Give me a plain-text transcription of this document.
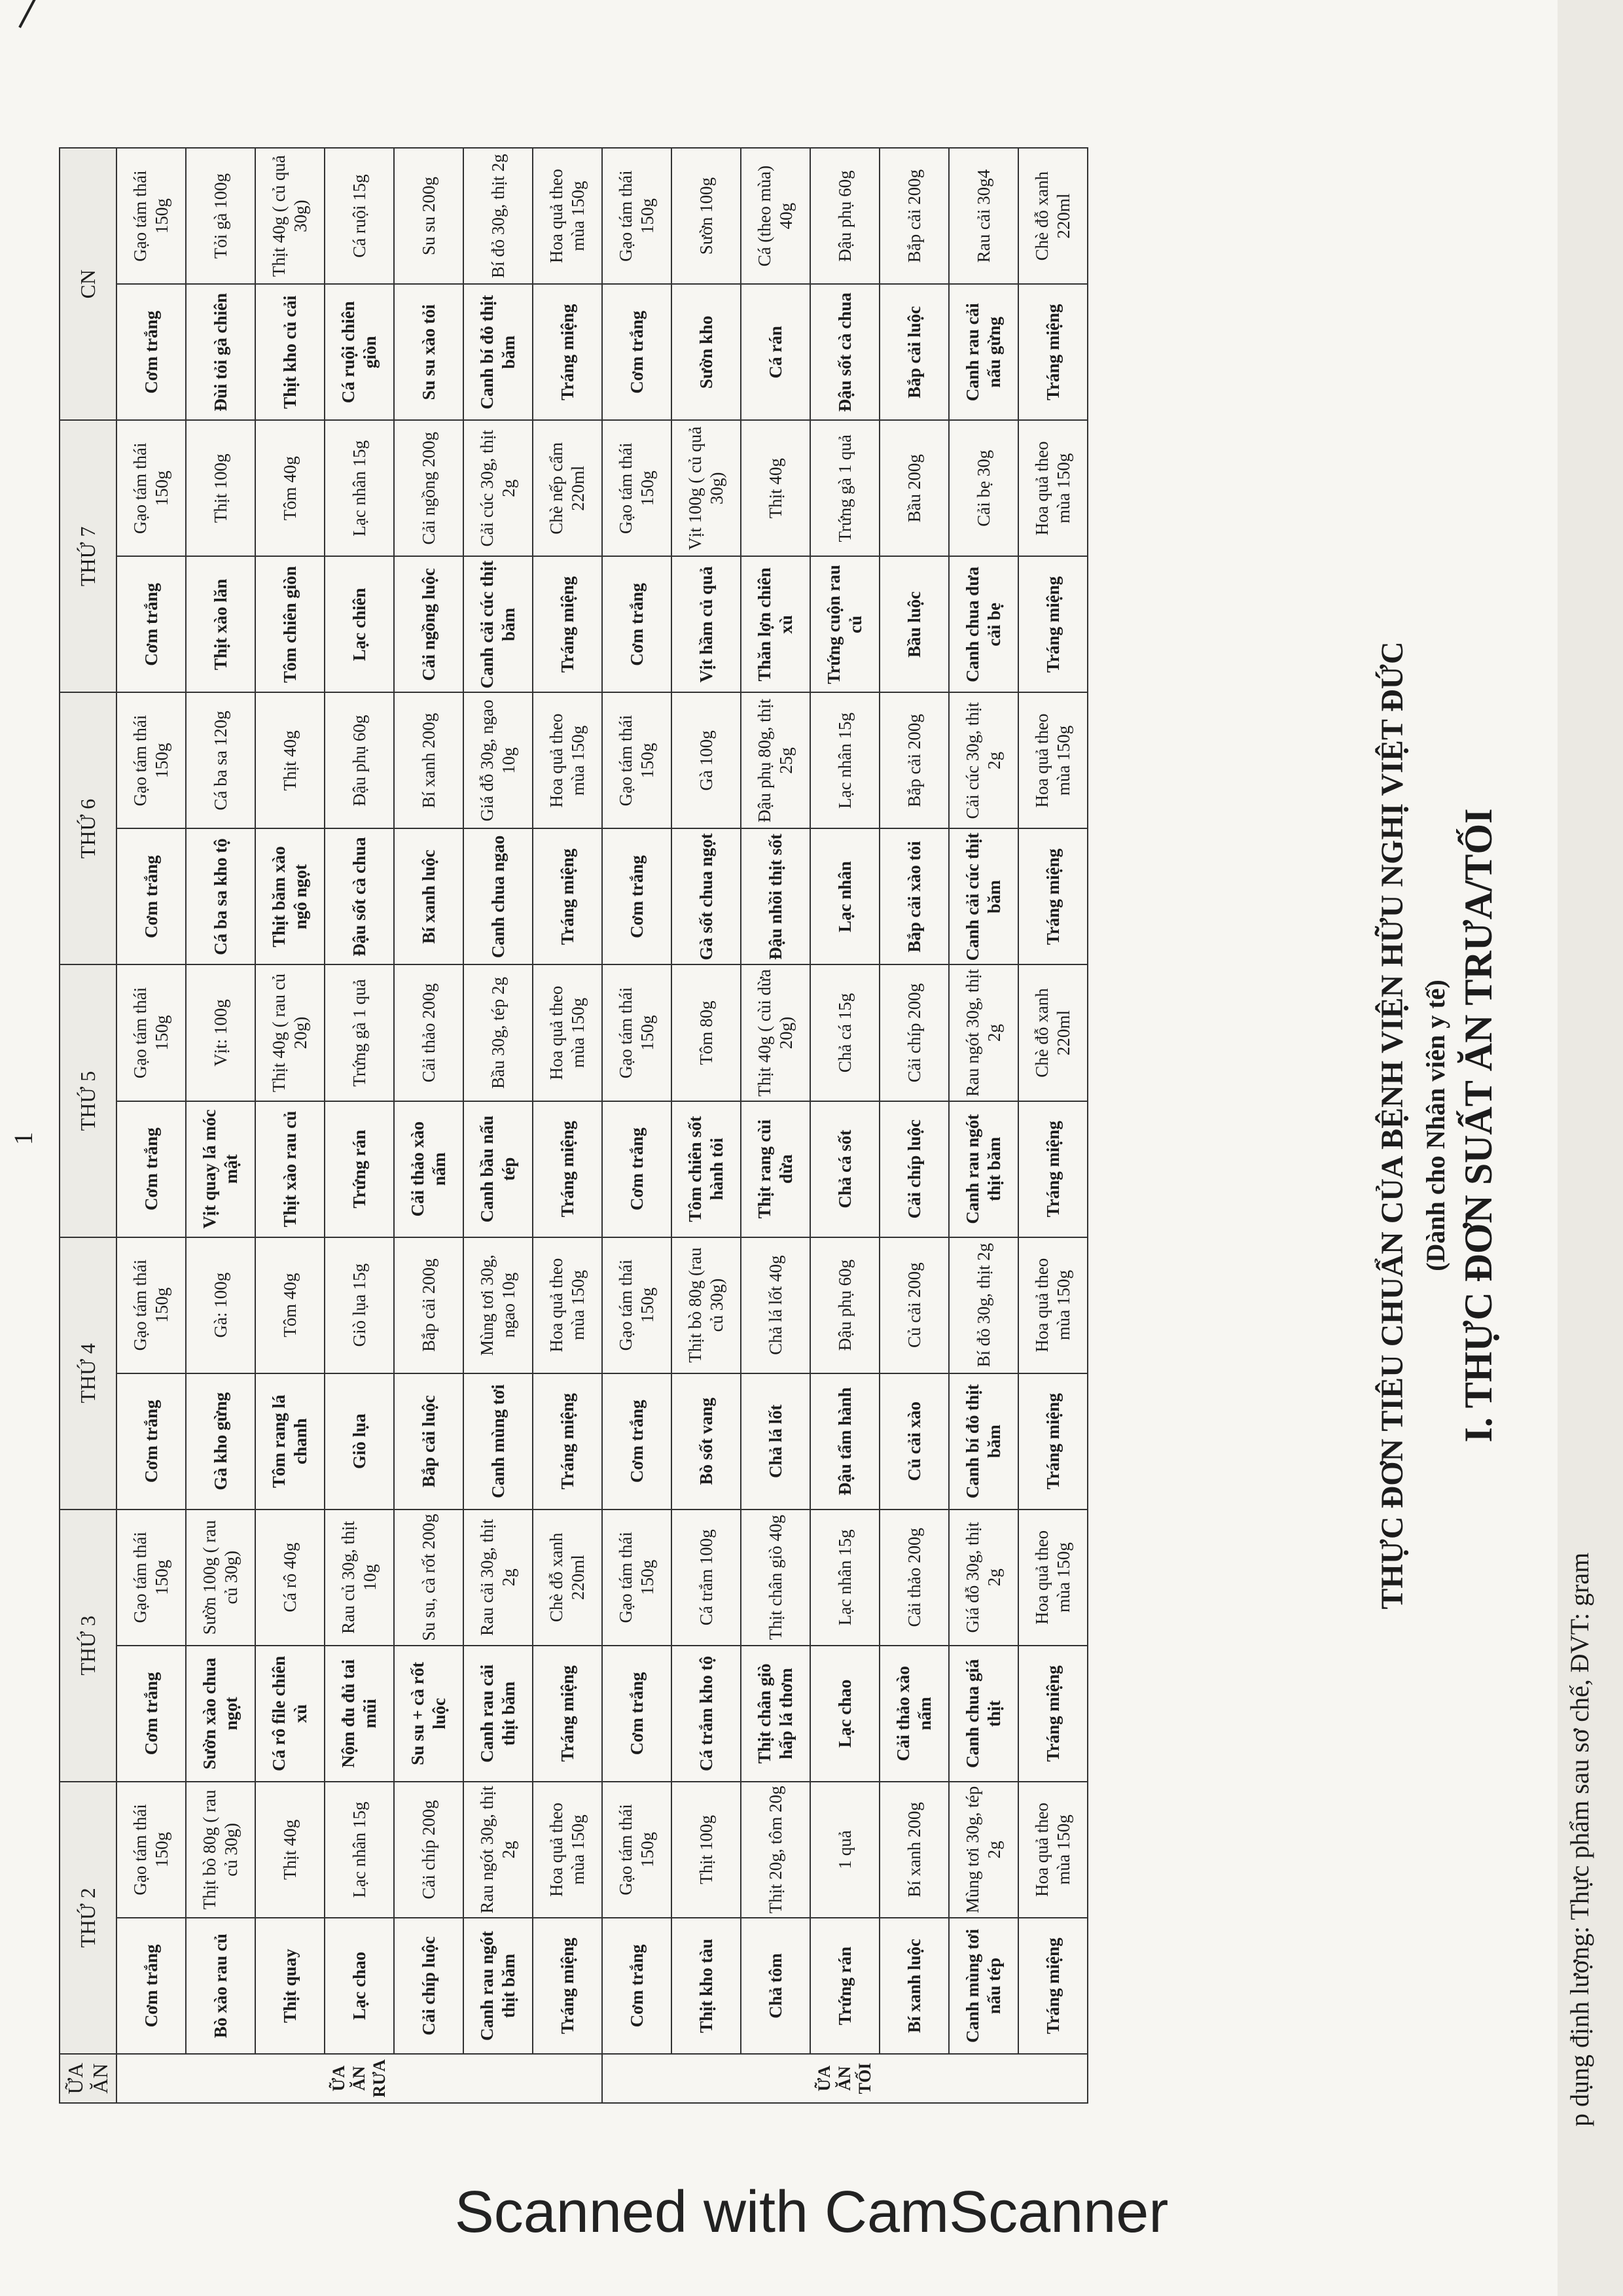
1
ỮA ĂN	THỨ 2		THỨ 3		THỨ 4		THỨ 5		THỨ 6		THỨ 7		CN	
ỮA ĂN RƯA	Cơm trắng	Gạo tám thái 150g	Cơm trắng	Gạo tám thái 150g	Cơm trắng	Gạo tám thái 150g	Cơm trắng	Gạo tám thái 150g	Cơm trắng	Gạo tám thái 150g	Cơm trắng	Gạo tám thái 150g	Cơm trắng	Gạo tám thái 150g
	Bò xào rau củ	Thịt bò 80g ( rau củ 30g)	Sườn xào chua ngọt	Sườn 100g ( rau củ 30g)	Gà kho gừng	Gà: 100g	Vịt quay lá móc mật	Vịt: 100g	Cá ba sa kho tộ	Cá ba sa 120g	Thịt xào lăn	Thịt 100g	Đùi tỏi gà chiên	Tỏi gà 100g
	Thịt quay	Thịt 40g	Cá rô file chiên xù	Cá rô 40g	Tôm rang lá chanh	Tôm 40g	Thịt xào rau củ	Thịt 40g ( rau củ 20g)	Thịt băm xào ngô ngọt	Thịt 40g	Tôm chiên giòn	Tôm 40g	Thịt kho củ cải	Thịt 40g ( củ quả 30g)
	Lạc chao	Lạc nhân 15g	Nộm đu đủ tai mũi	Rau củ 30g, thịt 10g	Giò lụa	Giò lụa 15g	Trứng rán	Trứng gà 1 quả	Đậu sốt cà chua	Đậu phụ 60g	Lạc chiên	Lạc nhân 15g	Cá ruội chiên giòn	Cá ruội 15g
	Cải chíp luộc	Cải chíp 200g	Su su + cà rốt luộc	Su su, cà rốt 200g	Bắp cải luộc	Bắp cải 200g	Cải thảo xào nấm	Cải thảo 200g	Bí xanh luộc	Bí xanh 200g	Cải ngồng luộc	Cải ngồng 200g	Su su xào tỏi	Su su 200g
	Canh rau ngót thịt băm	Rau ngót 30g, thịt 2g	Canh rau cải thịt băm	Rau cải 30g, thịt 2g	Canh mùng tơi	Mùng tơi 30g, ngao 10g	Canh bầu nấu tép	Bầu 30g, tép 2g	Canh chua ngao	Giá đỗ 30g, ngao 10g	Canh cải cúc thịt băm	Cải cúc 30g, thịt 2g	Canh bí đỏ thịt băm	Bí đỏ 30g, thịt 2g
	Tráng miệng	Hoa quả theo mùa 150g	Tráng miệng	Chè đỗ xanh 220ml	Tráng miệng	Hoa quả theo mùa 150g	Tráng miệng	Hoa quả theo mùa 150g	Tráng miệng	Hoa quả theo mùa 150g	Tráng miệng	Chè nếp cẩm 220ml	Tráng miệng	Hoa quả theo mùa 150g
ỮA ĂN TỐI	Cơm trắng	Gạo tám thái 150g	Cơm trắng	Gạo tám thái 150g	Cơm trắng	Gạo tám thái 150g	Cơm trắng	Gạo tám thái 150g	Cơm trắng	Gạo tám thái 150g	Cơm trắng	Gạo tám thái 150g	Cơm trắng	Gạo tám thái 150g
	Thịt kho tàu	Thịt 100g	Cá trắm kho tộ	Cá trắm 100g	Bò sốt vang	Thịt bò 80g (rau củ 30g)	Tôm chiên sốt hành tỏi	Tôm 80g	Gà sốt chua ngọt	Gà 100g	Vịt hầm củ quả	Vịt 100g ( củ quả 30g)	Sườn kho	Sườn 100g
	Chả tôm	Thịt 20g, tôm 20g	Thịt chân giò hấp lá thơm	Thịt chân giò 40g	Chả lá lốt	Chả lá lốt 40g	Thịt rang cùi dừa	Thịt 40g ( cùi dừa 20g)	Đậu nhồi thịt sốt	Đậu phụ 80g, thịt 25g	Thăn lợn chiên xù	Thịt 40g	Cá rán	Cá (theo mùa) 40g
	Trứng rán	1 quả	Lạc chao	Lạc nhân 15g	Đậu tẩm hành	Đậu phụ 60g	Chả cá sốt	Chả cá 15g	Lạc nhân	Lạc nhân 15g	Trứng cuộn rau củ	Trứng gà 1 quả	Đậu sốt cà chua	Đậu phụ 60g
	Bí xanh luộc	Bí xanh 200g	Cải thảo xào nấm	Cải thảo 200g	Củ cải xào	Củ cải 200g	Cải chíp luộc	Cải chíp 200g	Bắp cải xào tỏi	Bắp cải 200g	Bầu luộc	Bầu 200g	Bắp cải luộc	Bắp cải 200g
	Canh mùng tơi nấu tép	Mùng tơi 30g, tép 2g	Canh chua giá thịt	Giá đỗ 30g, thịt 2g	Canh bí đỏ thịt băm	Bí đỏ 30g, thịt 2g	Canh rau ngót thịt băm	Rau ngót 30g, thịt 2g	Canh cải cúc thịt băm	Cải cúc 30g, thịt 2g	Canh chua dưa cải bẹ	Cải bẹ 30g	Canh rau cải nấu gừng	Rau cải 30g4
	Tráng miệng	Hoa quả theo mùa 150g	Tráng miệng	Hoa quả theo mùa 150g	Tráng miệng	Hoa quả theo mùa 150g	Tráng miệng	Chè đỗ xanh 220ml	Tráng miệng	Hoa quả theo mùa 150g	Tráng miệng	Hoa quả theo mùa 150g	Tráng miệng	Chè đỗ xanh 220ml
THỰC ĐƠN TIÊU CHUẨN CỦA BỆNH VIỆN HỮU NGHỊ VIỆT ĐỨC (Dành cho Nhân viên y tế) I. THỰC ĐƠN SUẤT ĂN TRƯA/TỐI
p dụng định lượng: Thực phẩm sau sơ chế, ĐVT: gram
Scanned with CamScanner
